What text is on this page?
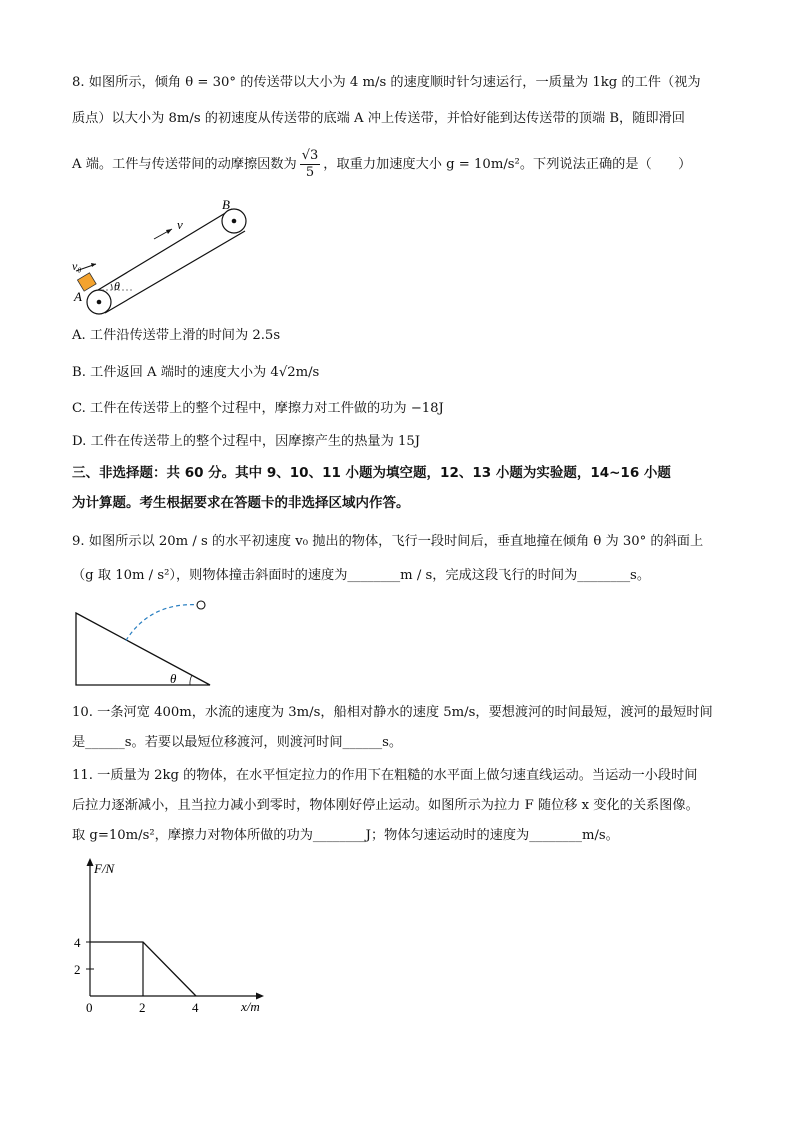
8. 如图所示，倾角 θ = 30° 的传送带以大小为 4 m/s 的速度顺时针匀速运行，一质量为 1kg 的工件（视为
质点）以大小为 8m/s 的初速度从传送带的底端 A 冲上传送带，并恰好能到达传送带的顶端 B，随即滑回
A 端。工件与传送带间的动摩擦因数为 $\frac{√3}{5}$ ，取重力加速度大小 g = 10m/s²。下列说法正确的是（　　）
B
A
v₀
v
θ
A. 工件沿传送带上滑的时间为 2.5s
B. 工件返回 A 端时的速度大小为 4√2m/s
C. 工件在传送带上的整个过程中，摩擦力对工件做的功为 −18J
D. 工件在传送带上的整个过程中，因摩擦产生的热量为 15J
三、非选择题：共 60 分。其中 9、10、11 小题为填空题，12、13 小题为实验题，14~16 小题
为计算题。考生根据要求在答题卡的非选择区域内作答。
9. 如图所示以 20m / s 的水平初速度 v₀ 抛出的物体，飞行一段时间后，垂直地撞在倾角 θ 为 30° 的斜面上
（g 取 10m / s²），则物体撞击斜面时的速度为________m / s，完成这段飞行的时间为________s。
θ
10. 一条河宽 400m，水流的速度为 3m/s，船相对静水的速度 5m/s，要想渡河的时间最短，渡河的最短时间
是______s。若要以最短位移渡河，则渡河时间______s。
11. 一质量为 2kg 的物体，在水平恒定拉力的作用下在粗糙的水平面上做匀速直线运动。当运动一小段时间
后拉力逐渐减小，且当拉力减小到零时，物体刚好停止运动。如图所示为拉力 F 随位移 x 变化的关系图像。
取 g=10m/s²，摩擦力对物体所做的功为________J；物体匀速运动时的速度为________m/s。
F/N
x/m
0	2	4
2
4
